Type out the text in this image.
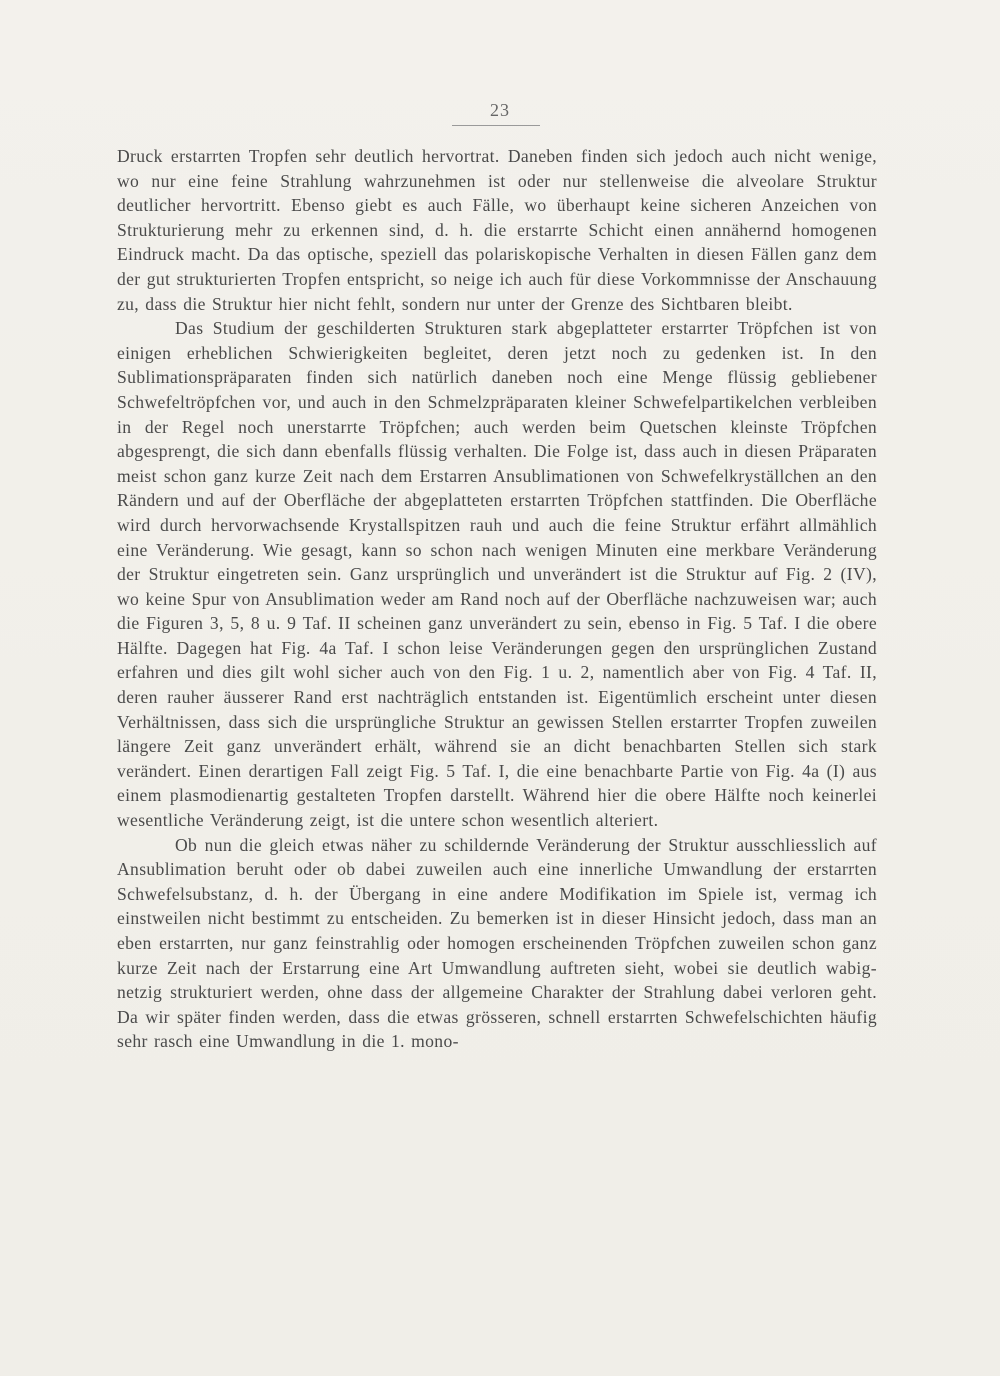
23

Druck erstarrten Tropfen sehr deutlich hervortrat. Daneben finden sich jedoch auch nicht wenige, wo nur eine feine Strahlung wahrzunehmen ist oder nur stellenweise die alveolare Struktur deutlicher hervortritt. Ebenso giebt es auch Fälle, wo überhaupt keine sicheren Anzeichen von Strukturierung mehr zu erkennen sind, d. h. die erstarrte Schicht einen annähernd homogenen Eindruck macht. Da das optische, speziell das polariskopische Verhalten in diesen Fällen ganz dem der gut strukturierten Tropfen entspricht, so neige ich auch für diese Vorkommnisse der Anschauung zu, dass die Struktur hier nicht fehlt, sondern nur unter der Grenze des Sichtbaren bleibt.

Das Studium der geschilderten Strukturen stark abgeplatteter erstarrter Tröpfchen ist von einigen erheblichen Schwierigkeiten begleitet, deren jetzt noch zu gedenken ist. In den Sublimationspräparaten finden sich natürlich daneben noch eine Menge flüssig gebliebener Schwefeltröpfchen vor, und auch in den Schmelzpräparaten kleiner Schwefelpartikelchen verbleiben in der Regel noch unerstarrte Tröpfchen; auch werden beim Quetschen kleinste Tröpfchen abgesprengt, die sich dann ebenfalls flüssig verhalten. Die Folge ist, dass auch in diesen Präparaten meist schon ganz kurze Zeit nach dem Erstarren Ansublimationen von Schwefelkryställchen an den Rändern und auf der Oberfläche der abgeplatteten erstarrten Tröpfchen stattfinden. Die Oberfläche wird durch hervorwachsende Krystallspitzen rauh und auch die feine Struktur erfährt allmählich eine Veränderung. Wie gesagt, kann so schon nach wenigen Minuten eine merkbare Veränderung der Struktur eingetreten sein. Ganz ursprünglich und unverändert ist die Struktur auf Fig. 2 (IV), wo keine Spur von Ansublimation weder am Rand noch auf der Oberfläche nachzuweisen war; auch die Figuren 3, 5, 8 u. 9 Taf. II scheinen ganz unverändert zu sein, ebenso in Fig. 5 Taf. I die obere Hälfte. Dagegen hat Fig. 4a Taf. I schon leise Veränderungen gegen den ursprünglichen Zustand erfahren und dies gilt wohl sicher auch von den Fig. 1 u. 2, namentlich aber von Fig. 4 Taf. II, deren rauher äusserer Rand erst nachträglich entstanden ist. Eigentümlich erscheint unter diesen Verhältnissen, dass sich die ursprüngliche Struktur an gewissen Stellen erstarrter Tropfen zuweilen längere Zeit ganz unverändert erhält, während sie an dicht benachbarten Stellen sich stark verändert. Einen derartigen Fall zeigt Fig. 5 Taf. I, die eine benachbarte Partie von Fig. 4a (I) aus einem plasmodienartig gestalteten Tropfen darstellt. Während hier die obere Hälfte noch keinerlei wesentliche Veränderung zeigt, ist die untere schon wesentlich alteriert.

Ob nun die gleich etwas näher zu schildernde Veränderung der Struktur ausschliesslich auf Ansublimation beruht oder ob dabei zuweilen auch eine innerliche Umwandlung der erstarrten Schwefelsubstanz, d. h. der Übergang in eine andere Modifikation im Spiele ist, vermag ich einstweilen nicht bestimmt zu entscheiden. Zu bemerken ist in dieser Hinsicht jedoch, dass man an eben erstarrten, nur ganz feinstrahlig oder homogen erscheinenden Tröpfchen zuweilen schon ganz kurze Zeit nach der Erstarrung eine Art Umwandlung auftreten sieht, wobei sie deutlich wabig-netzig strukturiert werden, ohne dass der allgemeine Charakter der Strahlung dabei verloren geht. Da wir später finden werden, dass die etwas grösseren, schnell erstarrten Schwefelschichten häufig sehr rasch eine Umwandlung in die 1. mono-
